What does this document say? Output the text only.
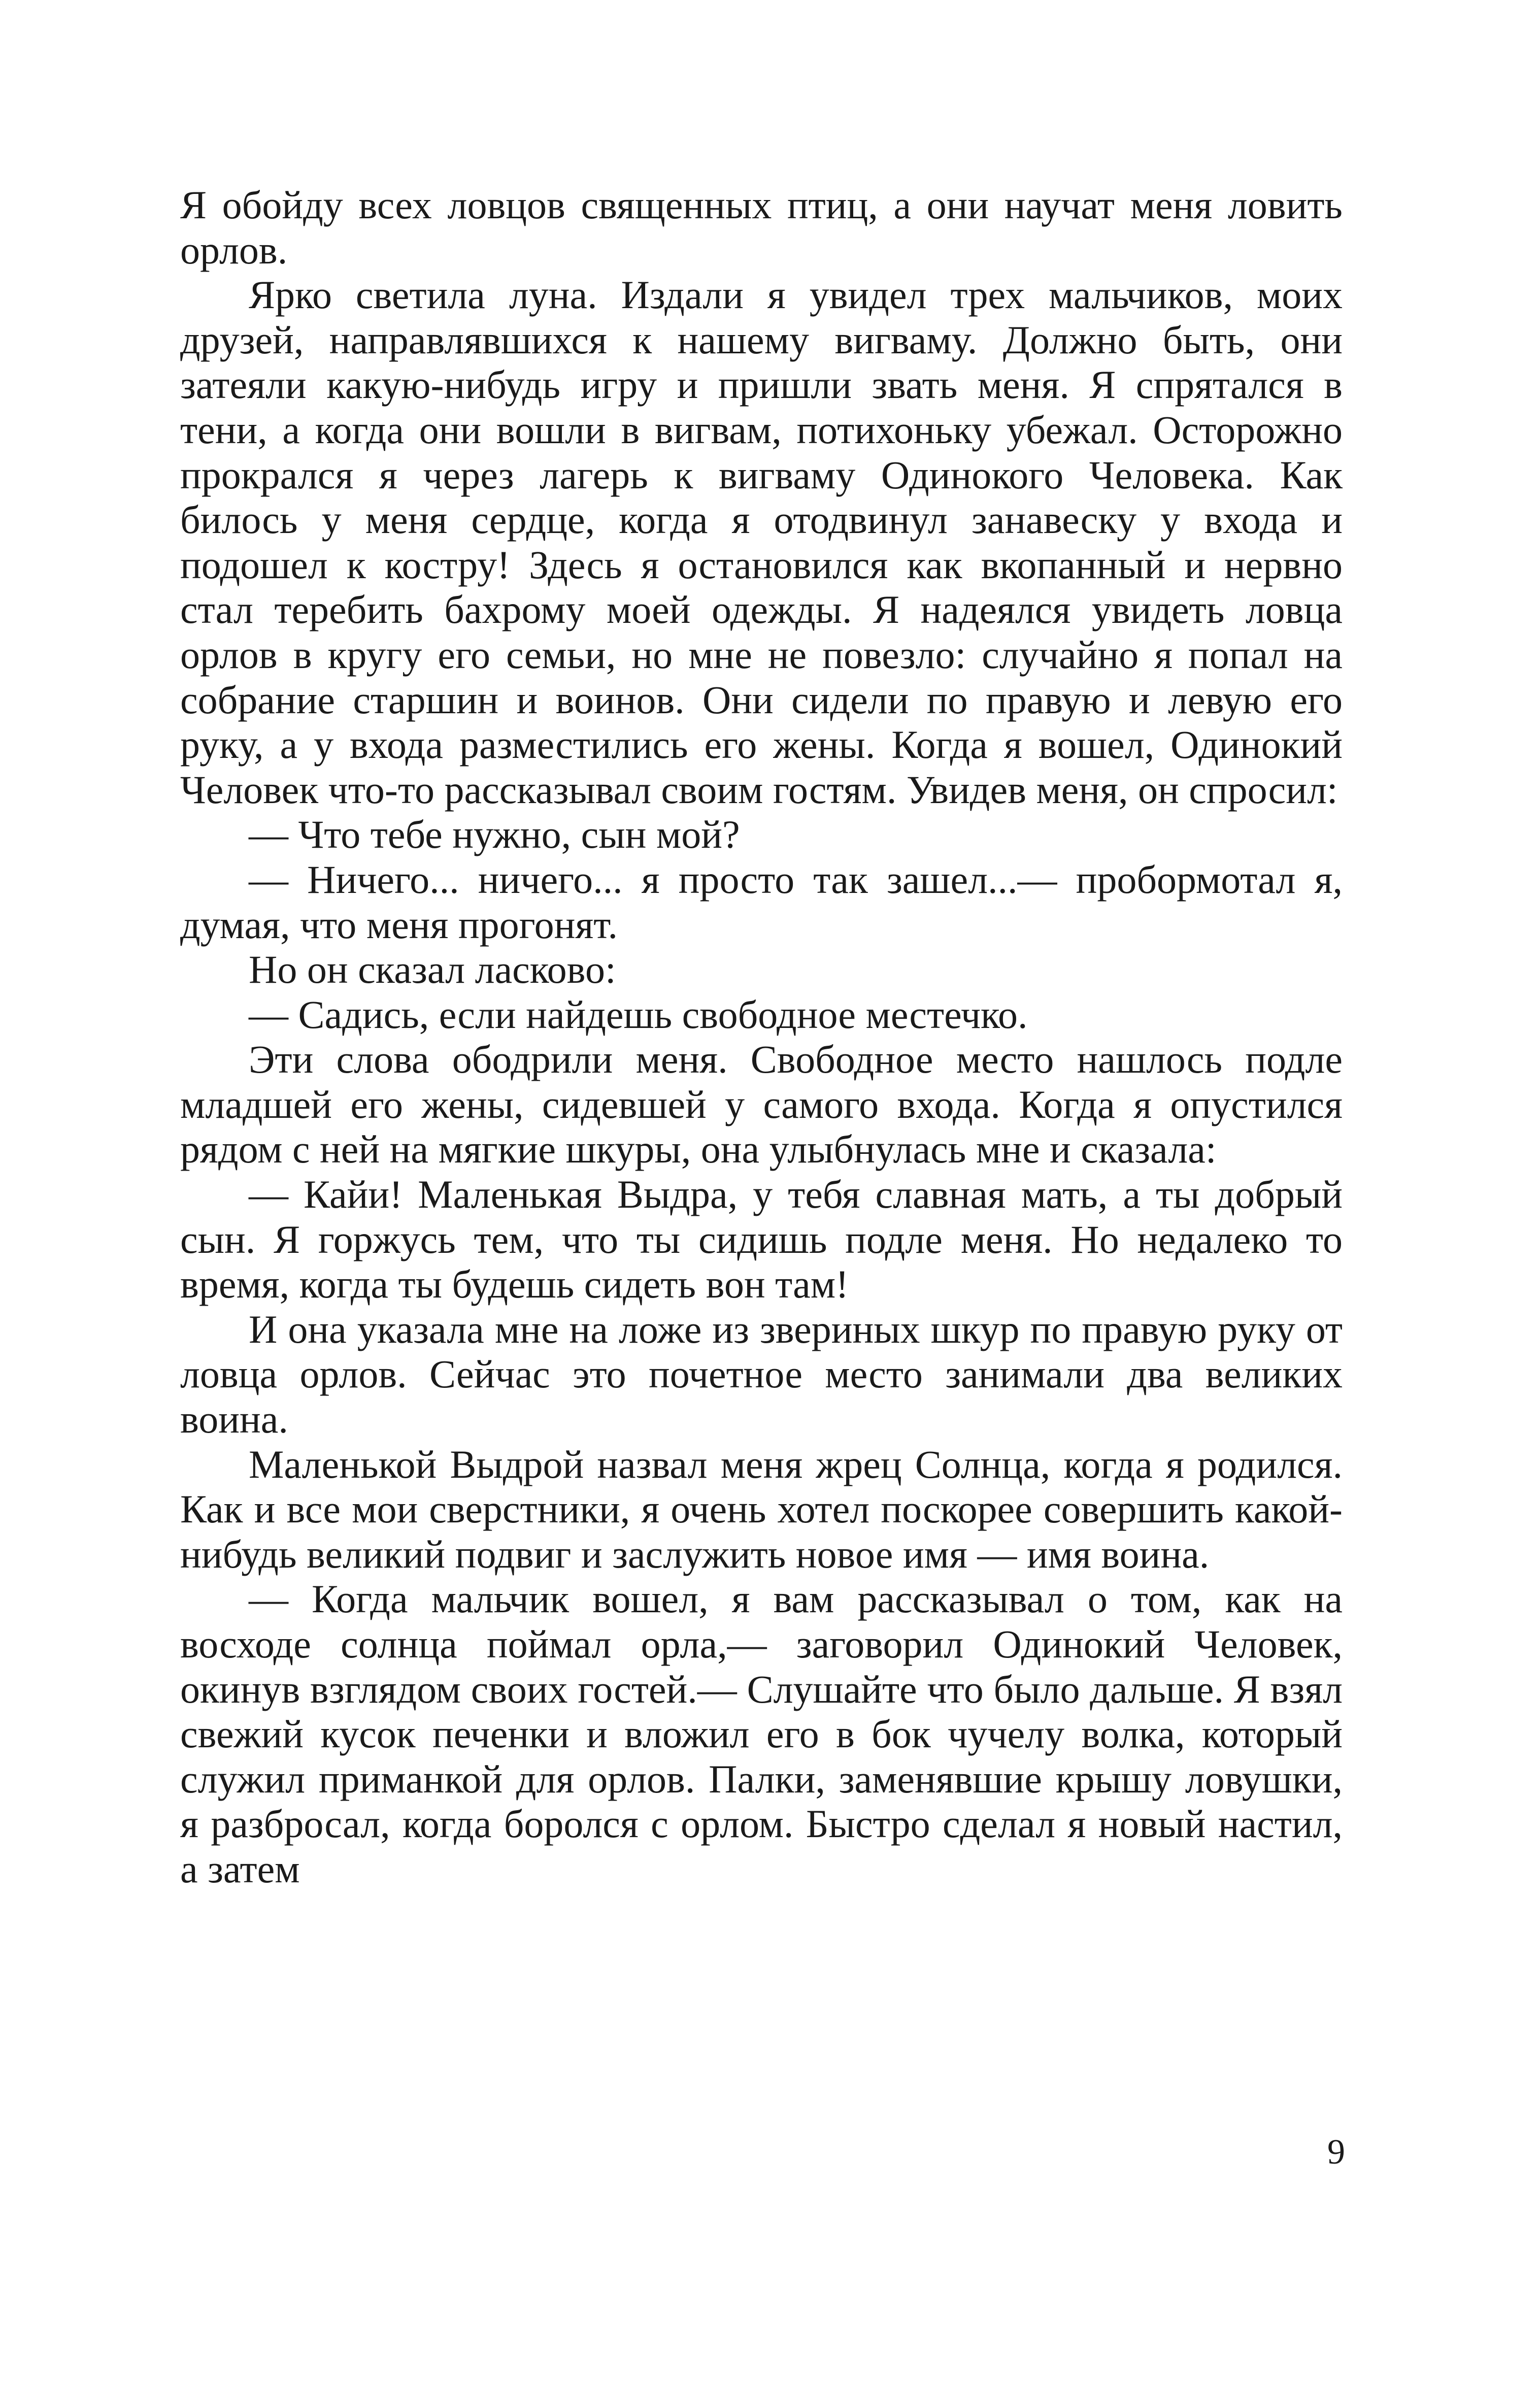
Я обойду всех ловцов священных птиц, а они научат меня ловить орлов.

Ярко светила луна. Издали я увидел трех мальчиков, моих друзей, направлявшихся к нашему вигваму. Должно быть, они затеяли какую-нибудь игру и пришли звать меня. Я спрятался в тени, а когда они вошли в вигвам, потихоньку убежал. Осторожно прокрался я через лагерь к вигваму Одинокого Человека. Как билось у меня сердце, когда я отодвинул занавеску у входа и подошел к костру! Здесь я остановился как вкопанный и нервно стал теребить бахрому моей одежды. Я надеялся увидеть ловца орлов в кругу его семьи, но мне не повезло: случайно я попал на собрание старшин и воинов. Они сидели по правую и левую его руку, а у входа разместились его жены. Когда я вошел, Одинокий Человек что-то рассказывал своим гостям. Увидев меня, он спросил:

— Что тебе нужно, сын мой?

— Ничего... ничего... я просто так зашел...— пробормотал я, думая, что меня прогонят.

Но он сказал ласково:

— Садись, если найдешь свободное местечко.

Эти слова ободрили меня. Свободное место нашлось подле младшей его жены, сидевшей у самого входа. Когда я опустился рядом с ней на мягкие шкуры, она улыбнулась мне и сказала:

— Кайи! Маленькая Выдра, у тебя славная мать, а ты добрый сын. Я горжусь тем, что ты сидишь подле меня. Но недалеко то время, когда ты будешь сидеть вон там!

И она указала мне на ложе из звериных шкур по правую руку от ловца орлов. Сейчас это почетное место занимали два великих воина.

Маленькой Выдрой назвал меня жрец Солнца, когда я родился. Как и все мои сверстники, я очень хотел поскорее совершить какой-нибудь великий подвиг и заслужить новое имя — имя воина.

— Когда мальчик вошел, я вам рассказывал о том, как на восходе солнца поймал орла,— заговорил Одинокий Человек, окинув взглядом своих гостей.— Слушайте что было дальше. Я взял свежий кусок печенки и вложил его в бок чучелу волка, который служил приманкой для орлов. Палки, заменявшие крышу ловушки, я разбросал, когда боролся с орлом. Быстро сделал я новый настил, а затем

9
